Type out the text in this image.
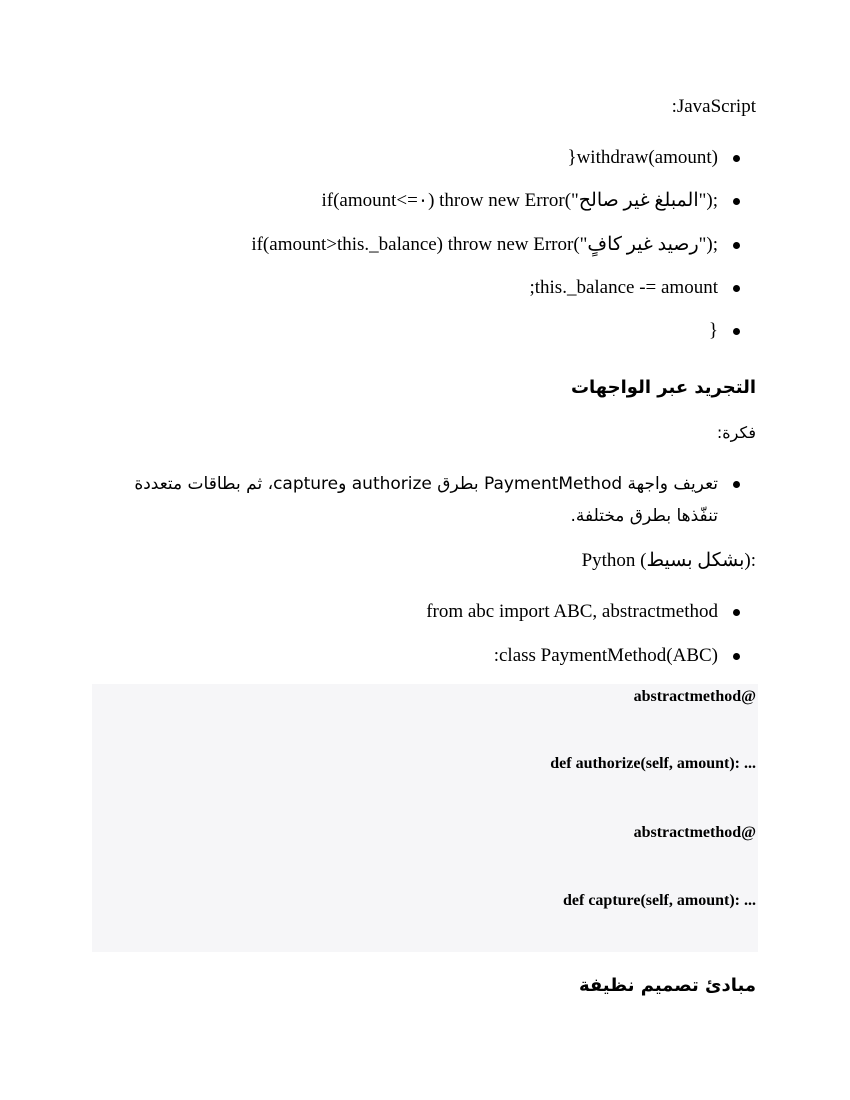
:JavaScript
}withdraw(amount)
if(amount<=٠) throw new Error("المبلغ غير صالح");
if(amount>this._balance) throw new Error("رصيد غير كافٍ");
;this._balance -= amount
}
التجريد عبر الواجهات
فكرة:
تعريف واجهة PaymentMethod بطرق authorize وcapture، ثم بطاقات متعددة تنفّذها بطرق مختلفة.
Python (بشكل بسيط):
from abc import ABC, abstractmethod
:class PaymentMethod(ABC)
abstractmethod@
def authorize(self, amount): ...
abstractmethod@
def capture(self, amount): ...
مبادئ تصميم نظيفة
